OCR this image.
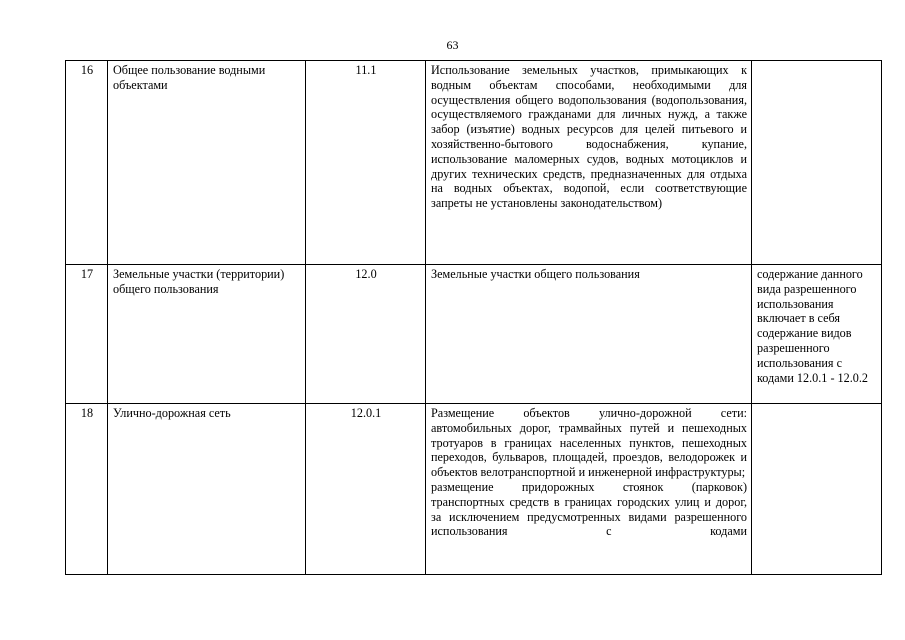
63
16	Общее пользование водными объектами	11.1	Использование земельных участков, примыкающих к водным объектам способами, необходимыми для осуществления общего водопользования (водопользования, осуществляемого гражданами для личных нужд, а также забор (изъятие) водных ресурсов для целей питьевого и хозяйственно-бытового водоснабжения, купание, использование маломерных судов, водных мотоциклов и других технических средств, предназначенных для отдыха на водных объектах, водопой, если соответствующие запреты не установлены законодательством)	

17	Земельные участки (территории) общего пользования	12.0	Земельные участки общего пользования	содержание данного вида разрешенного использования включает в себя содержание видов разрешенного использования с кодами 12.0.1 - 12.0.2
18	Улично-дорожная сеть	12.0.1	Размещение объектов улично-дорожной сети: автомобильных дорог, трамвайных путей и пешеходных тротуаров в границах населенных пунктов, пешеходных переходов, бульваров, площадей, проездов, велодорожек и объектов велотранспортной и инженерной инфраструктуры;
размещение придорожных стоянок (парковок) транспортных средств в границах городских улиц и дорог, за исключением предусмотренных видами разрешенного использования с кодами	
